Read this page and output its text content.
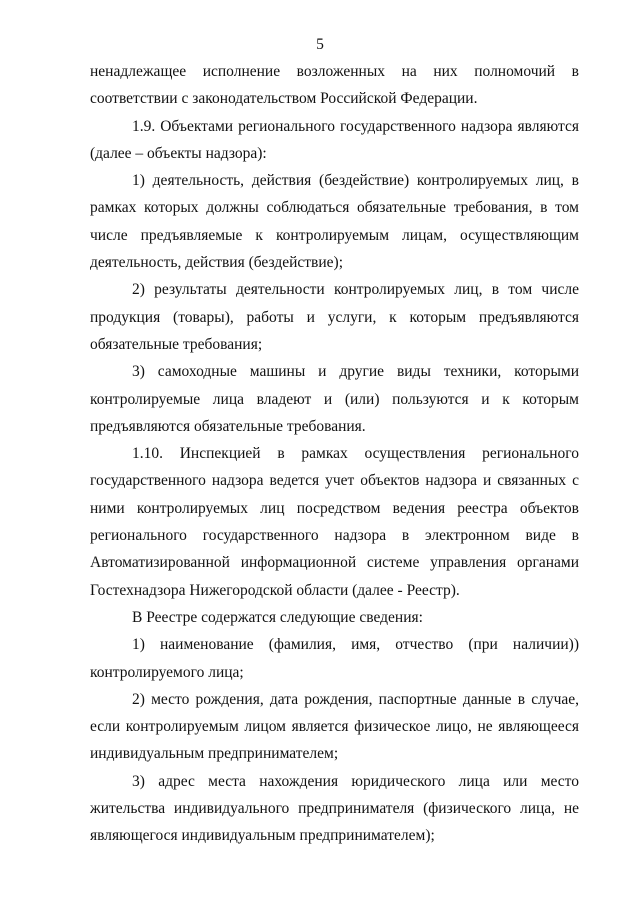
5

ненадлежащее исполнение возложенных на них полномочий в соответствии с законодательством Российской Федерации.

1.9. Объектами регионального государственного надзора являются (далее – объекты надзора):

1) деятельность, действия (бездействие) контролируемых лиц, в рамках которых должны соблюдаться обязательные требования, в том числе предъявляемые к контролируемым лицам, осуществляющим деятельность, действия (бездействие);

2) результаты деятельности контролируемых лиц, в том числе продукция (товары), работы и услуги, к которым предъявляются обязательные требования;

3) самоходные машины и другие виды техники, которыми контролируемые лица владеют и (или) пользуются и к которым предъявляются обязательные требования.

1.10. Инспекцией в рамках осуществления регионального государственного надзора ведется учет объектов надзора и связанных с ними контролируемых лиц посредством ведения реестра объектов регионального государственного надзора в электронном виде в Автоматизированной информационной системе управления органами Гостехнадзора Нижегородской области (далее - Реестр).

В Реестре содержатся следующие сведения:

1) наименование (фамилия, имя, отчество (при наличии)) контролируемого лица;

2) место рождения, дата рождения, паспортные данные в случае, если контролируемым лицом является физическое лицо, не являющееся индивидуальным предпринимателем;

3) адрес места нахождения юридического лица или место жительства индивидуального предпринимателя (физического лица, не являющегося индивидуальным предпринимателем);
